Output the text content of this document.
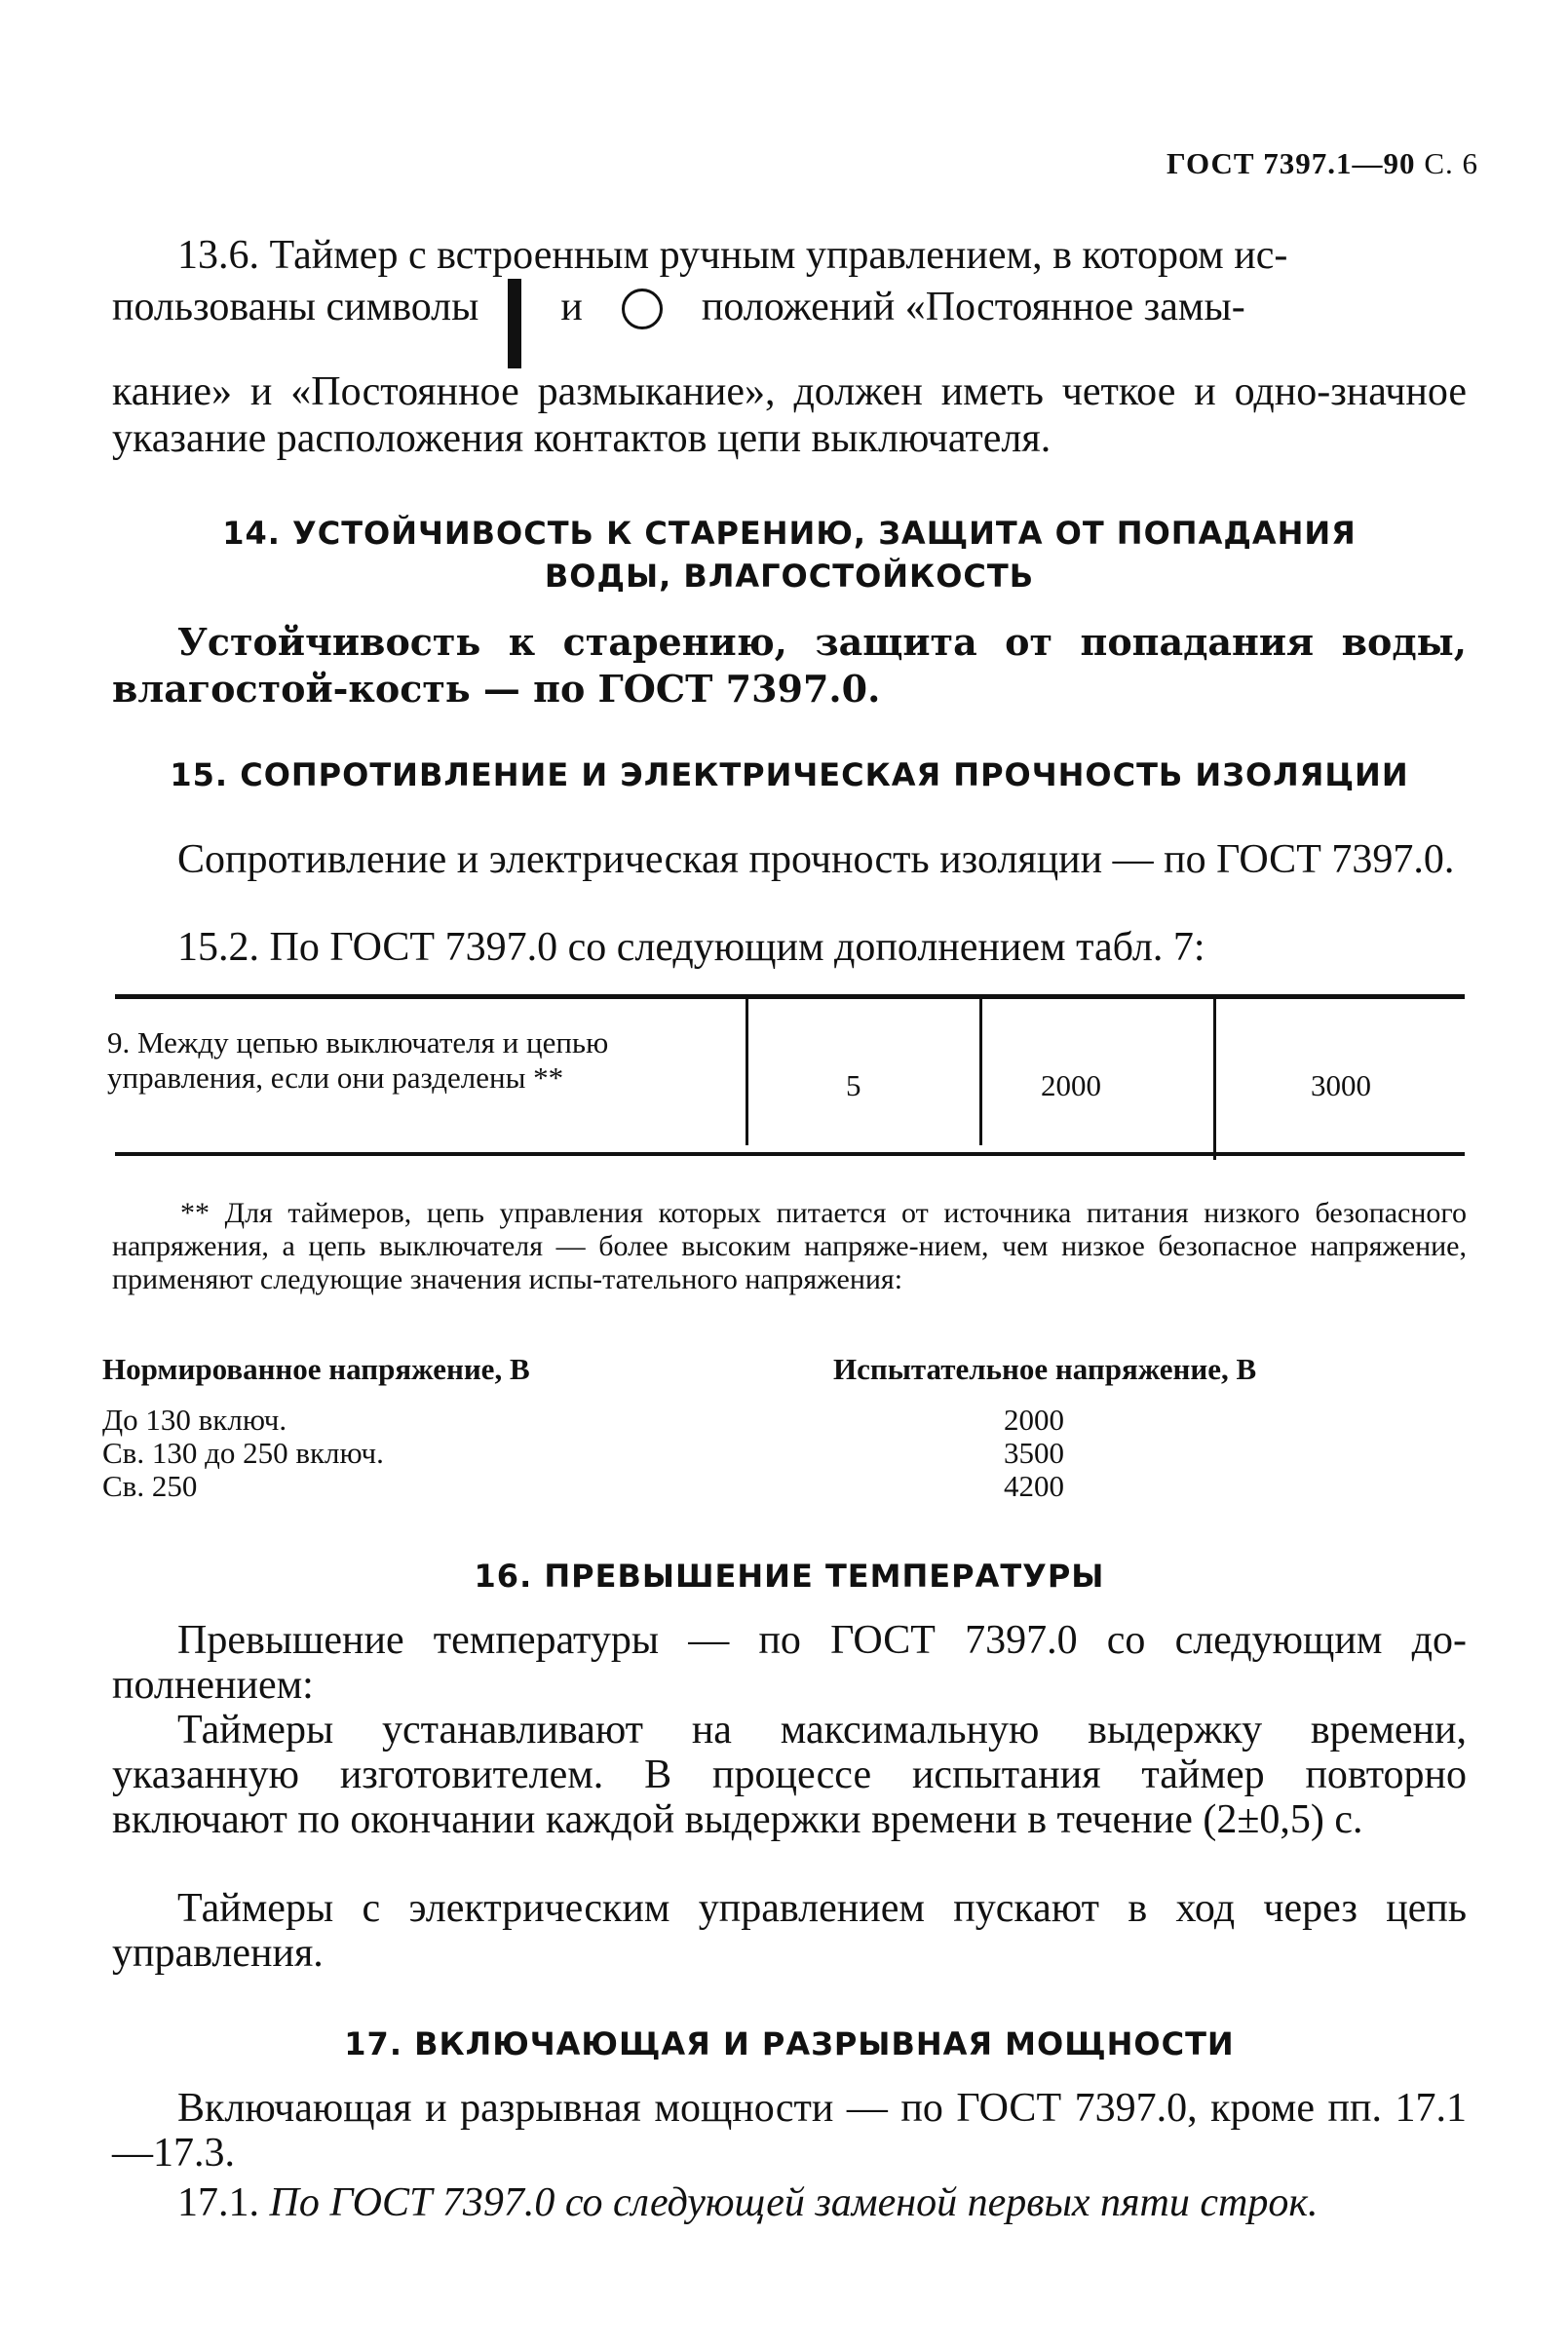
ГОСТ 7397.1—90 С. 6
13.6. Таймер с встроенным ручным управлением, в котором ис-
пользованы символы и	положений «Постоянное замы-
кание» и «Постоянное размыкание», должен иметь четкое и одно-значное указание расположения контактов цепи выключателя.
14. УСТОЙЧИВОСТЬ К СТАРЕНИЮ, ЗАЩИТА ОТ ПОПАДАНИЯ ВОДЫ, ВЛАГОСТОЙКОСТЬ
Устойчивость к старению, защита от попадания воды, влагостой-кость — по ГОСТ 7397.0.
15. СОПРОТИВЛЕНИЕ И ЭЛЕКТРИЧЕСКАЯ ПРОЧНОСТЬ ИЗОЛЯЦИИ
Сопротивление и электрическая прочность изоляции — по ГОСТ 7397.0.
15.2. По ГОСТ 7397.0 со следующим дополнением табл. 7:
9. Между цепью выключателя и цепью управления, если они разделены **	5	2000	3000
** Для таймеров, цепь управления которых питается от источника питания низкого безопасного напряжения, а цепь выключателя — более высоким напряже-нием, чем низкое безопасное напряжение, применяют следующие значения испы-тательного напряжения:
Нормированное напряжение, В	Испытательное напряжение, В
До 130 включ.	2000
Св. 130 до 250 включ.	3500
Св. 250	4200
16. ПРЕВЫШЕНИЕ ТЕМПЕРАТУРЫ
Превышение температуры — по ГОСТ 7397.0 со следующим до-полнением:
Таймеры устанавливают на максимальную выдержку времени, указанную изготовителем. В процессе испытания таймер повторно включают по окончании каждой выдержки времени в течение (2±0,5) с.
Таймеры с электрическим управлением пускают в ход через цепь управления.
17. ВКЛЮЧАЮЩАЯ И РАЗРЫВНАЯ МОЩНОСТИ
Включающая и разрывная мощности — по ГОСТ 7397.0, кроме пп. 17.1—17.3.
17.1. По ГОСТ 7397.0 со следующей заменой первых пяти строк.
